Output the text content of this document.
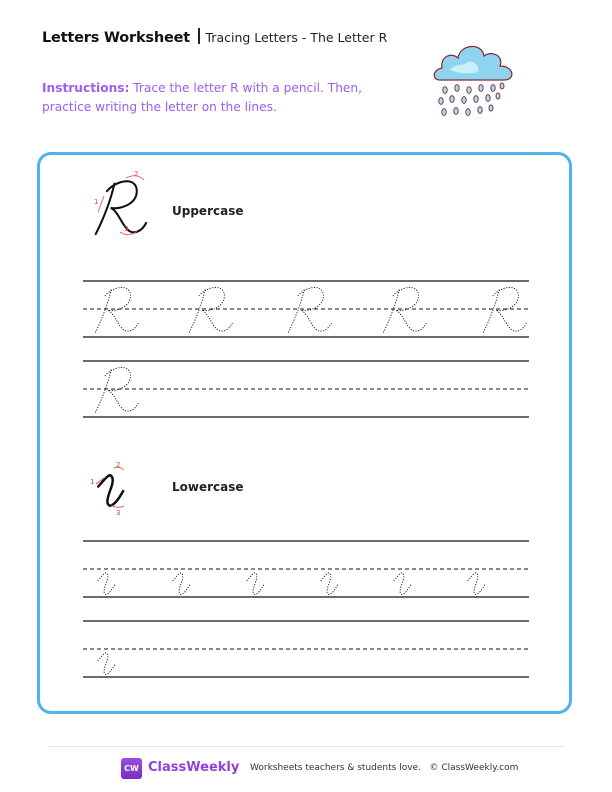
Letters Worksheet Tracing Letters - The Letter R
Instructions: Trace the letter R with a pencil. Then, practice writing the letter on the lines.
1
2
3
1
2
3
Uppercase
Lowercase
CW ClassWeekly Worksheets teachers & students love. © ClassWeekly.com
